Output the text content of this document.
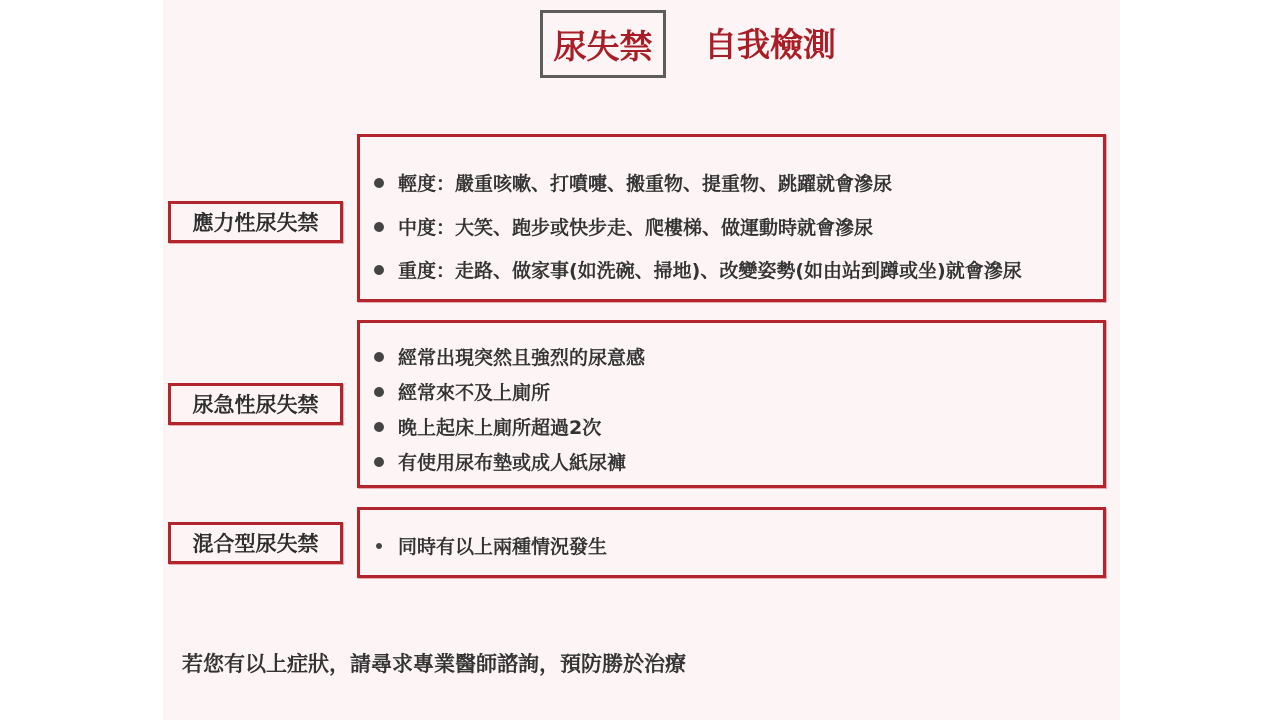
尿失禁 自我檢測
應力性尿失禁
輕度：嚴重咳嗽、打噴嚏、搬重物、提重物、跳躍就會滲尿
中度：大笑、跑步或快步走、爬樓梯、做運動時就會滲尿
重度：走路、做家事(如洗碗、掃地)、改變姿勢(如由站到蹲或坐)就會滲尿
尿急性尿失禁
經常出現突然且強烈的尿意感
經常來不及上廁所
晚上起床上廁所超過2次
有使用尿布墊或成人紙尿褲
混合型尿失禁	同時有以上兩種情況發生
若您有以上症狀，請尋求專業醫師諮詢，預防勝於治療
